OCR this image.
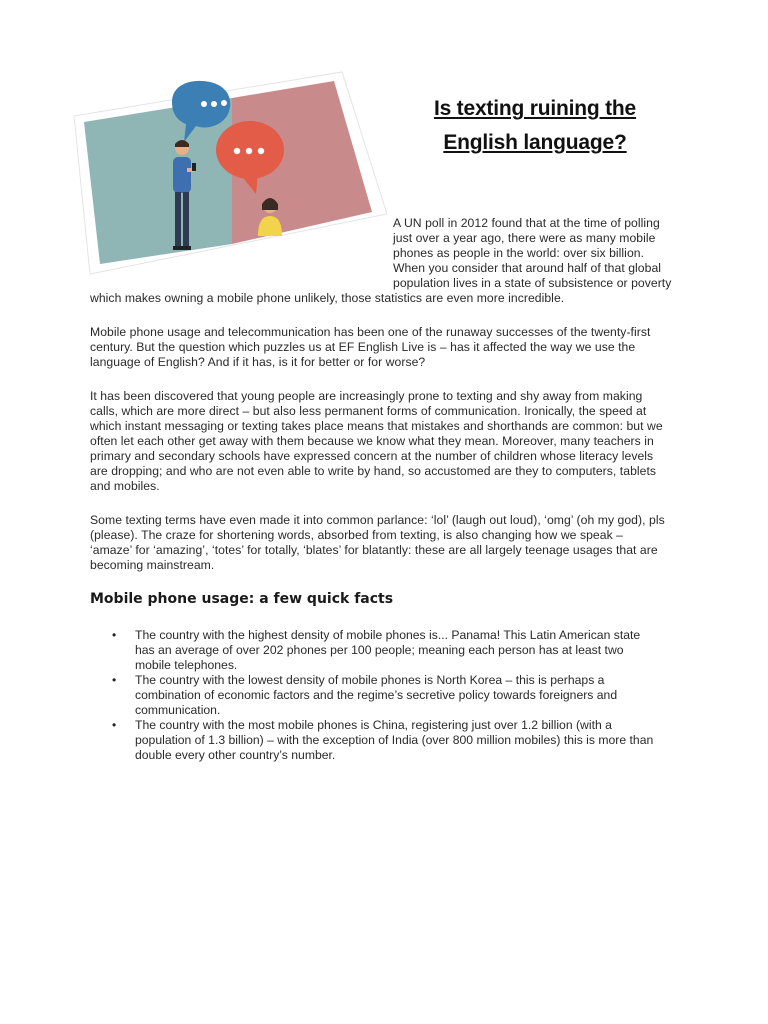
Is texting ruining the
English language?
A UN poll in 2012 found that at the time of polling
just over a year ago, there were as many mobile
phones as people in the world: over six billion.
When you consider that around half of that global
population lives in a state of subsistence or poverty
which makes owning a mobile phone unlikely, those statistics are even more incredible.
Mobile phone usage and telecommunication has been one of the runaway successes of the twenty-first
century. But the question which puzzles us at EF English Live is – has it affected the way we use the
language of English? And if it has, is it for better or for worse?
It has been discovered that young people are increasingly prone to texting and shy away from making
calls, which are more direct – but also less permanent forms of communication. Ironically, the speed at
which instant messaging or texting takes place means that mistakes and shorthands are common: but we
often let each other get away with them because we know what they mean. Moreover, many teachers in
primary and secondary schools have expressed concern at the number of children whose literacy levels
are dropping; and who are not even able to write by hand, so accustomed are they to computers, tablets
and mobiles.
Some texting terms have even made it into common parlance: ‘lol’ (laugh out loud), ‘omg’ (oh my god), pls
(please). The craze for shortening words, absorbed from texting, is also changing how we speak –
‘amaze’ for ‘amazing’, ‘totes’ for totally, ‘blates’ for blatantly: these are all largely teenage usages that are
becoming mainstream.
Mobile phone usage: a few quick facts
• The country with the highest density of mobile phones is... Panama! This Latin American state
has an average of over 202 phones per 100 people; meaning each person has at least two
mobile telephones.
• The country with the lowest density of mobile phones is North Korea – this is perhaps a
combination of economic factors and the regime’s secretive policy towards foreigners and
communication.
• The country with the most mobile phones is China, registering just over 1.2 billion (with a
population of 1.3 billion) – with the exception of India (over 800 million mobiles) this is more than
double every other country’s number.
